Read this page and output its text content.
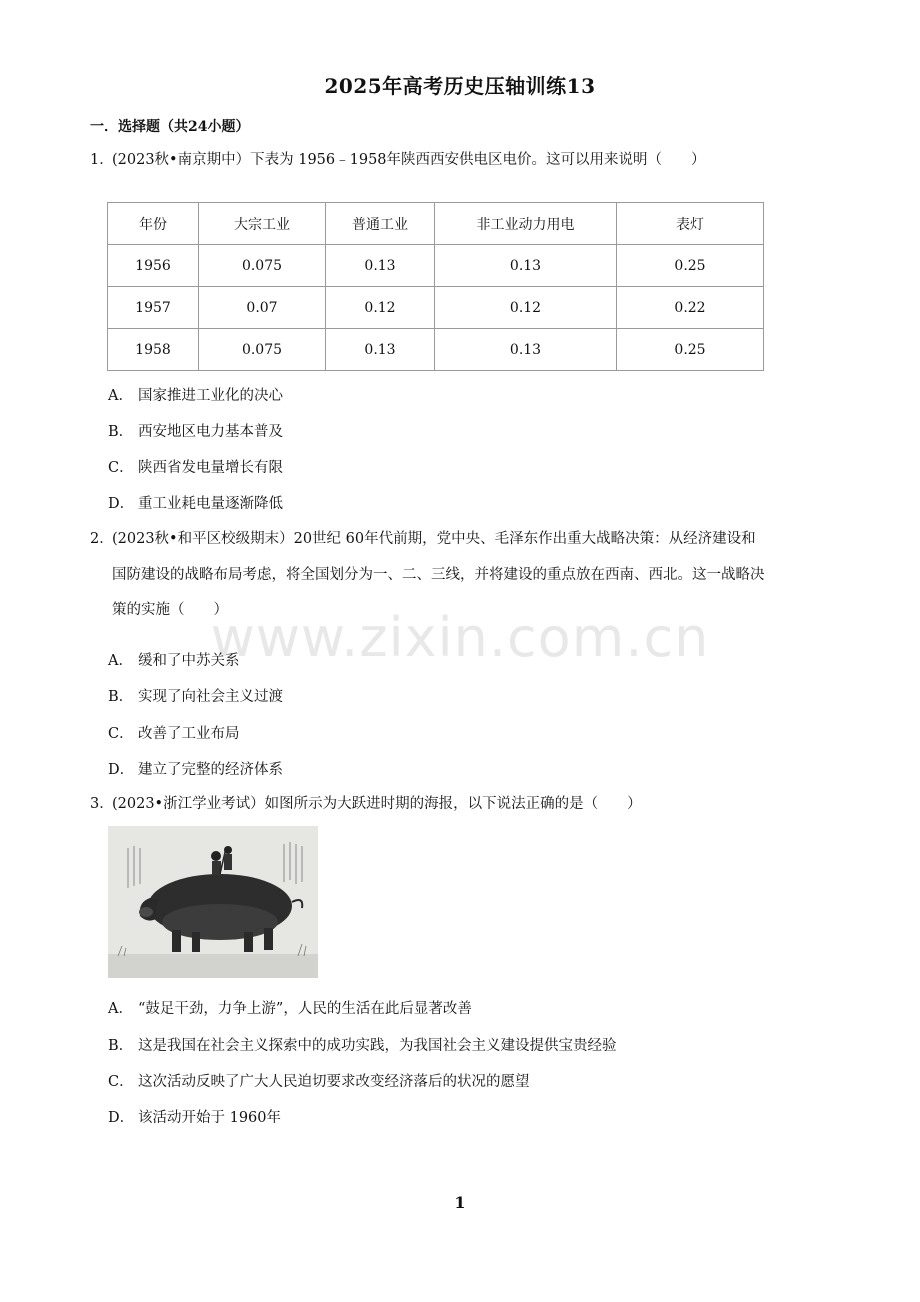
www.zixin.com.cn
2025年高考历史压轴训练13
一．选择题（共24小题）
1．(2023秋•南京期中）下表为 1956﹣1958年陕西西安供电区电价。这可以用来说明（　　）
年份	大宗工业	普通工业	非工业动力用电	表灯
1956	0.075	0.13	0.13	0.25
1957	0.07	0.12	0.12	0.22
1958	0.075	0.13	0.13	0.25
A． 国家推进工业化的决心
B． 西安地区电力基本普及
C． 陕西省发电量增长有限
D． 重工业耗电量逐渐降低
2．(2023秋•和平区校级期末）20世纪 60年代前期，党中央、毛泽东作出重大战略决策：从经济建设和
国防建设的战略布局考虑，将全国划分为一、二、三线，并将建设的重点放在西南、西北。这一战略决
策的实施（　　）
A． 缓和了中苏关系
B． 实现了向社会主义过渡
C． 改善了工业布局
D． 建立了完整的经济体系
3．(2023•浙江学业考试）如图所示为大跃进时期的海报，以下说法正确的是（　　）
A． “鼓足干劲，力争上游”，人民的生活在此后显著改善
B． 这是我国在社会主义探索中的成功实践，为我国社会主义建设提供宝贵经验
C． 这次活动反映了广大人民迫切要求改变经济落后的状况的愿望
D． 该活动开始于 1960年
1
